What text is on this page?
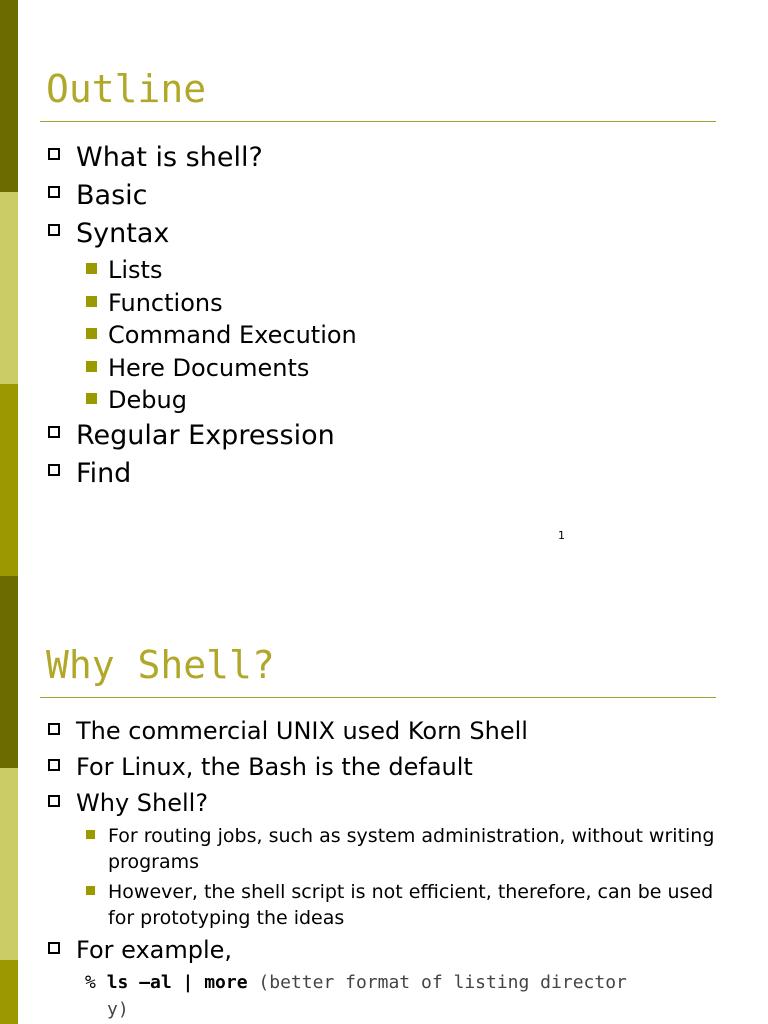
Outline
What is shell?
Basic
Syntax
Lists
Functions
Command Execution
Here Documents
Debug
Regular Expression
Find
1
Why Shell?
The commercial UNIX used Korn Shell
For Linux, the Bash is the default
Why Shell?
For routing jobs, such as system administration, without writing programs
However, the shell script is not efficient, therefore, can be used for prototyping the ideas
For example,
% ls –al | more (better format of listing director
y)
